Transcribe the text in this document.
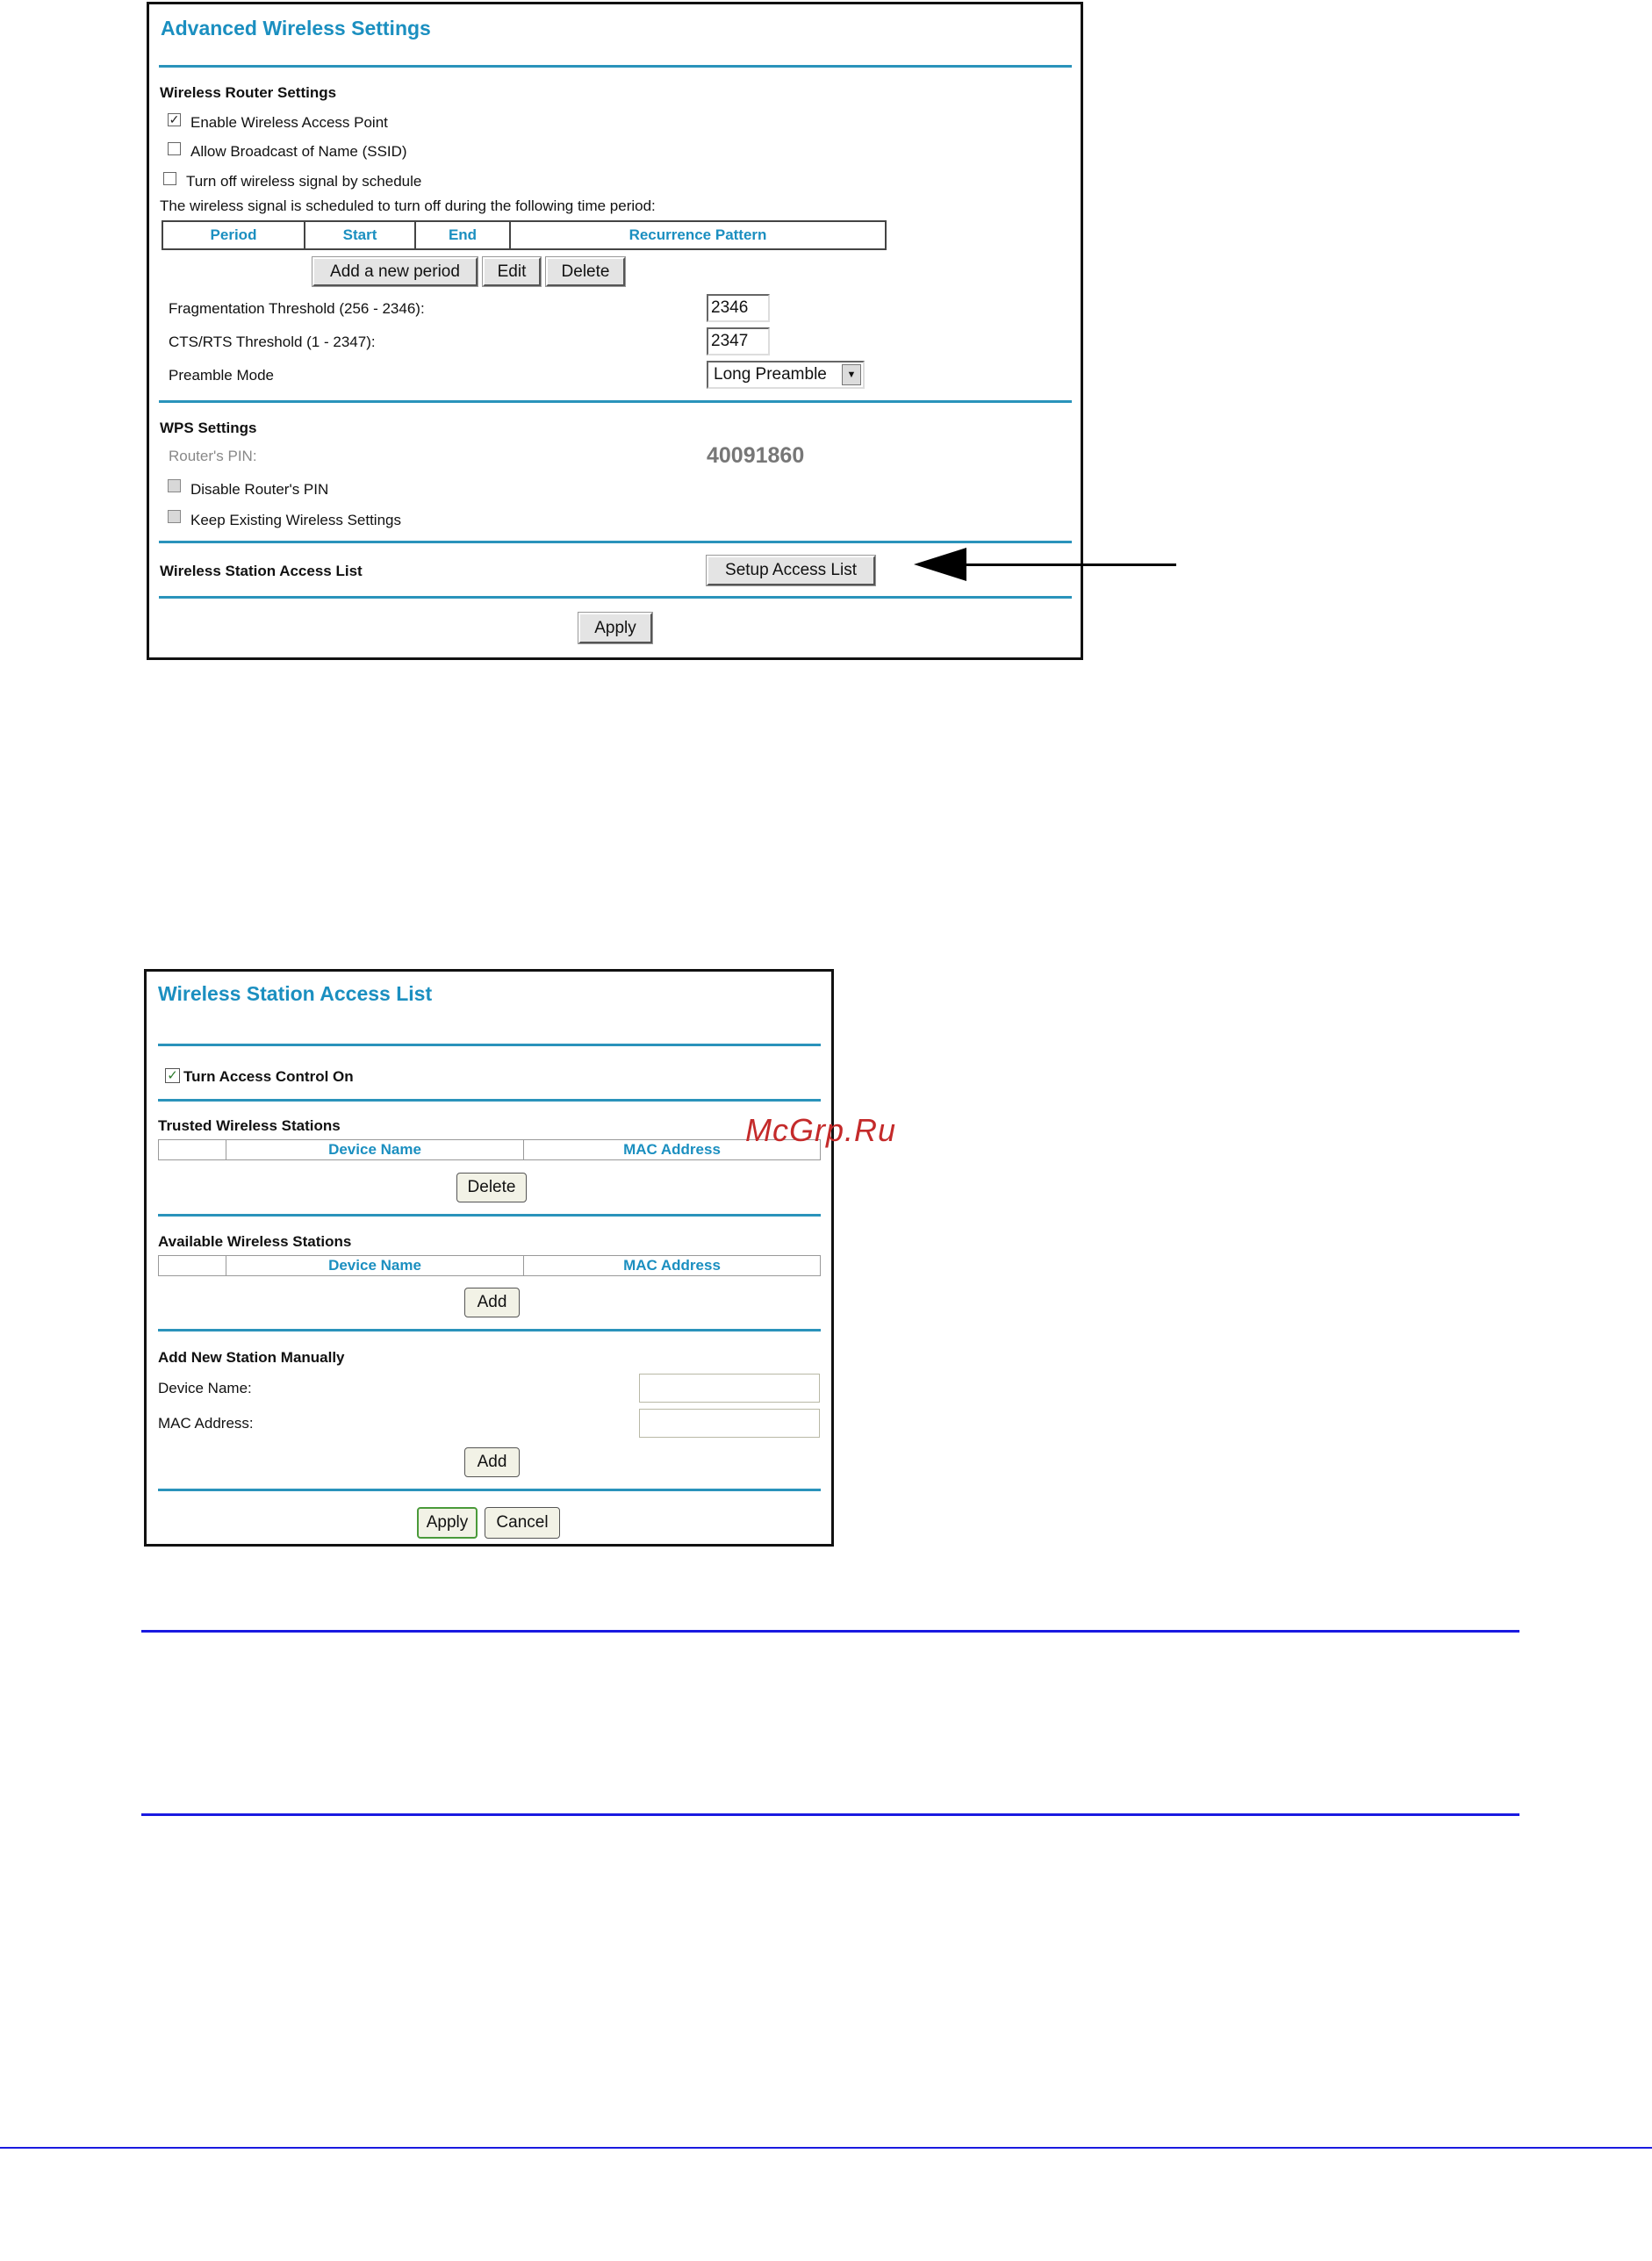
Advanced Wireless Settings
Wireless Router Settings
✓ Enable Wireless Access Point
Allow Broadcast of Name (SSID)
Turn off wireless signal by schedule
The wireless signal is scheduled to turn off during the following time period:
Period	Start	End	Recurrence Pattern
Add a new period	Edit	Delete
Fragmentation Threshold (256 - 2346):	2346
CTS/RTS Threshold (1 - 2347):	2347
Preamble Mode	Long Preamble	▼
WPS Settings
Router's PIN:	40091860
Disable Router's PIN
Keep Existing Wireless Settings
Wireless Station Access List	Setup Access List
Apply
Wireless Station Access List
✓ Turn Access Control On
Trusted Wireless Stations
	Device Name	MAC Address
Delete
Available Wireless Stations
	Device Name	MAC Address
Add
Add New Station Manually
Device Name:
MAC Address:
Add
Apply	Cancel
McGrp.Ru
